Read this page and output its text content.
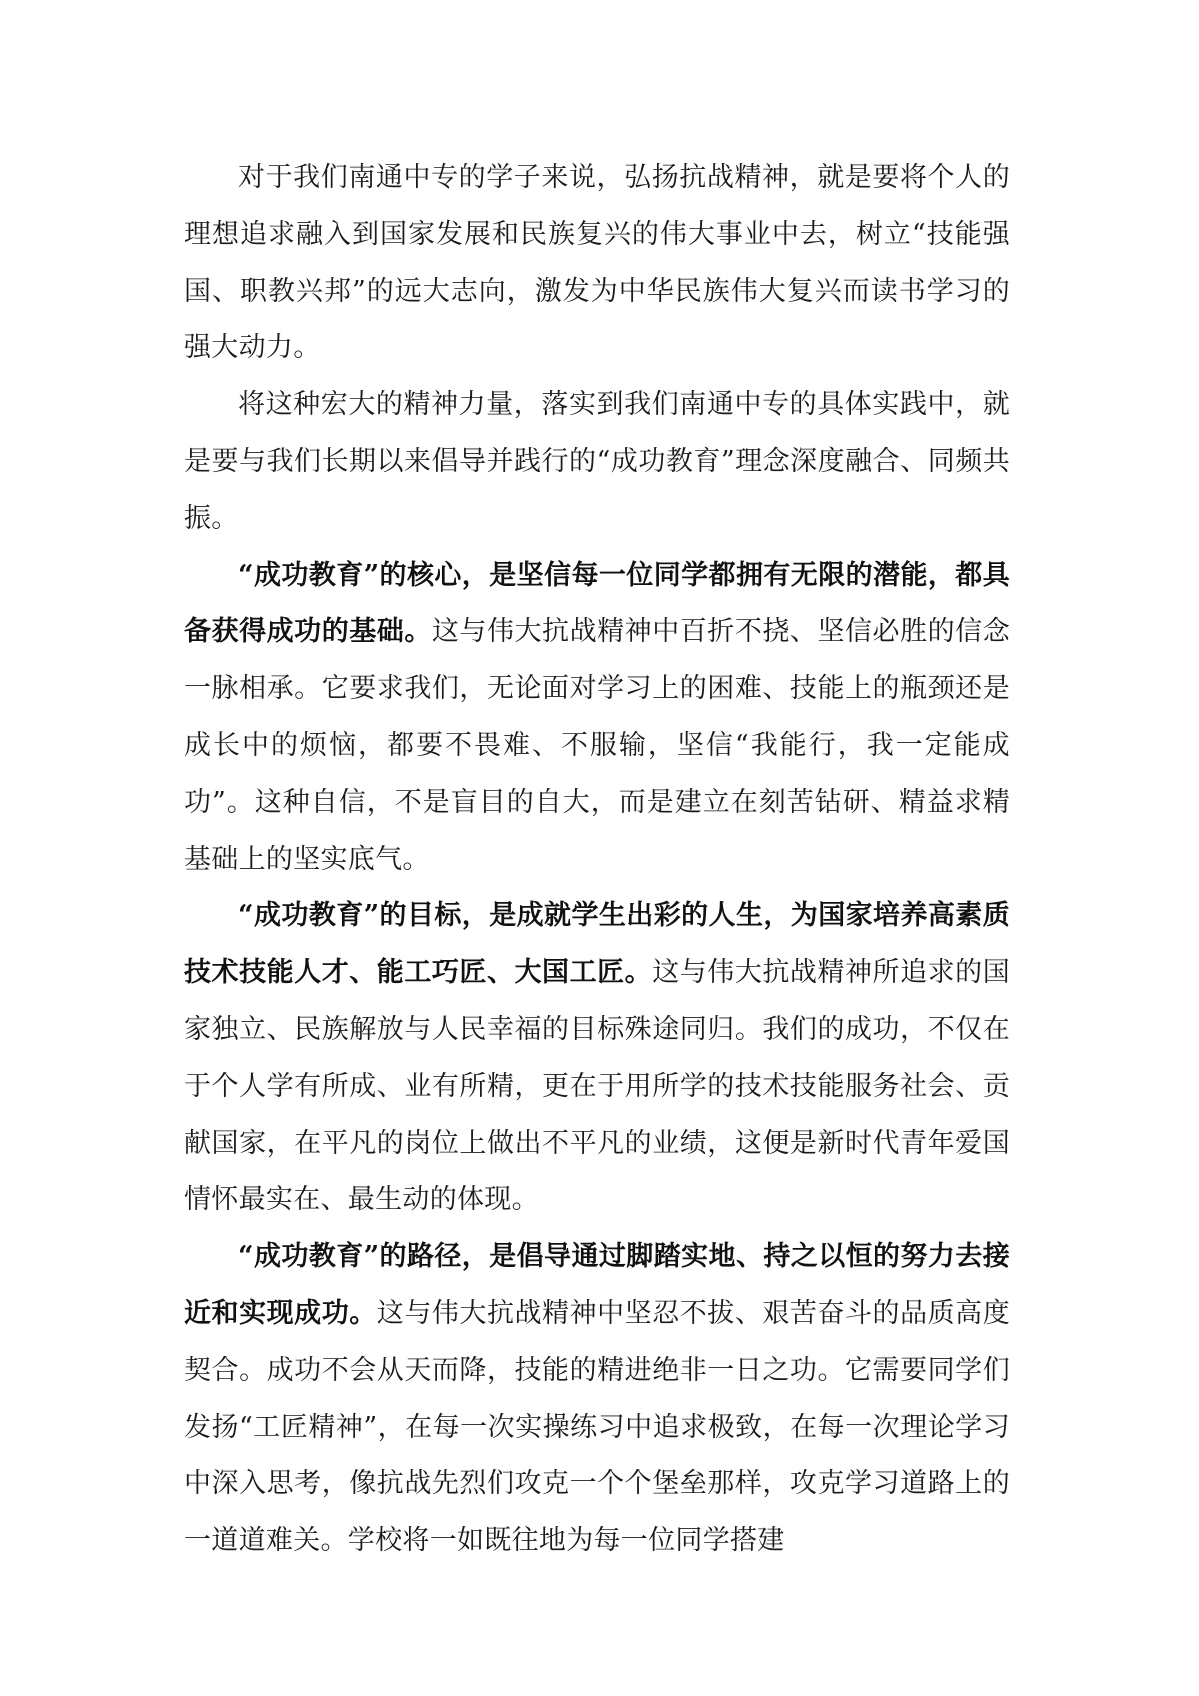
对于我们南通中专的学子来说，弘扬抗战精神，就是要将个人的理想追求融入到国家发展和民族复兴的伟大事业中去，树立“技能强国、职教兴邦”的远大志向，激发为中华民族伟大复兴而读书学习的强大动力。

将这种宏大的精神力量，落实到我们南通中专的具体实践中，就是要与我们长期以来倡导并践行的“成功教育”理念深度融合、同频共振。

“成功教育”的核心，是坚信每一位同学都拥有无限的潜能，都具备获得成功的基础。这与伟大抗战精神中百折不挠、坚信必胜的信念一脉相承。它要求我们，无论面对学习上的困难、技能上的瓶颈还是成长中的烦恼，都要不畏难、不服输，坚信“我能行，我一定能成功”。这种自信，不是盲目的自大，而是建立在刻苦钻研、精益求精基础上的坚实底气。

“成功教育”的目标，是成就学生出彩的人生，为国家培养高素质技术技能人才、能工巧匠、大国工匠。这与伟大抗战精神所追求的国家独立、民族解放与人民幸福的目标殊途同归。我们的成功，不仅在于个人学有所成、业有所精，更在于用所学的技术技能服务社会、贡献国家，在平凡的岗位上做出不平凡的业绩，这便是新时代青年爱国情怀最实在、最生动的体现。

“成功教育”的路径，是倡导通过脚踏实地、持之以恒的努力去接近和实现成功。这与伟大抗战精神中坚忍不拔、艰苦奋斗的品质高度契合。成功不会从天而降，技能的精进绝非一日之功。它需要同学们发扬“工匠精神”，在每一次实操练习中追求极致，在每一次理论学习中深入思考，像抗战先烈们攻克一个个堡垒那样，攻克学习道路上的一道道难关。学校将一如既往地为每一位同学搭建
